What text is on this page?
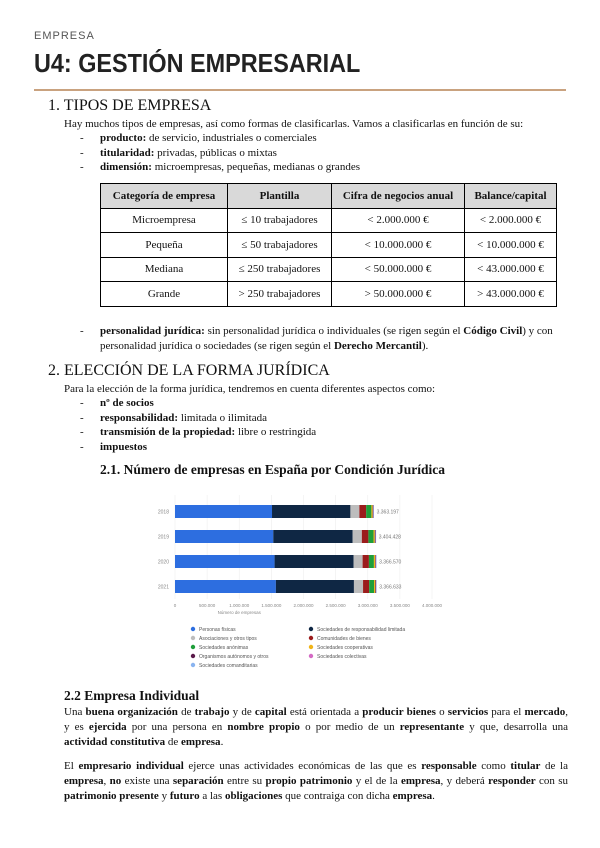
EMPRESA
U4: GESTIÓN EMPRESARIAL
1. TIPOS DE EMPRESA
Hay muchos tipos de empresas, así como formas de clasificarlas. Vamos a clasificarlas en función de su:
- producto: de servicio, industriales o comerciales
- titularidad: privadas, públicas o mixtas
- dimensión: microempresas, pequeñas, medianas o grandes
Categoría de empresa	Plantilla	Cifra de negocios anual	Balance/capital
Microempresa	≤ 10 trabajadores	< 2.000.000 €	< 2.000.000 €
Pequeña	≤ 50 trabajadores	< 10.000.000 €	< 10.000.000 €
Mediana	≤ 250 trabajadores	< 50.000.000 €	< 43.000.000 €
Grande	> 250 trabajadores	> 50.000.000 €	> 43.000.000 €
- personalidad jurídica: sin personalidad jurídica o individuales (se rigen según el Código Civil) y con personalidad jurídica o sociedades (se rigen según el Derecho Mercantil).
2. ELECCIÓN DE LA FORMA JURÍDICA
Para la elección de la forma jurídica, tendremos en cuenta diferentes aspectos como:
- nº de socios
- responsabilidad: limitada o ilimitada
- transmisión de la propiedad: libre o restringida
- impuestos
2.1. Número de empresas en España por Condición Jurídica
0	500.000	1.000.000	1.500.000	2.000.000	2.500.000	3.000.000	3.500.000	4.000.000
Número de empresas
2018	3.363.197
2019	3.404.428
2020	3.366.570
2021	3.366.633
Personas físicas	Sociedades de responsabilidad limitada
Asociaciones y otros tipos	Comunidades de bienes
Sociedades anónimas	Sociedades cooperativas
Organismos autónomos y otros	Sociedades colectivas
Sociedades comanditarias
2.2 Empresa Individual
Una buena organización de trabajo y de capital está orientada a producir bienes o servicios para el mercado, y es ejercida por una persona en nombre propio o por medio de un representante y que, desarrolla una actividad constitutiva de empresa.
El empresario individual ejerce unas actividades económicas de las que es responsable como titular de la empresa, no existe una separación entre su propio patrimonio y el de la empresa, y deberá responder con su patrimonio presente y futuro a las obligaciones que contraiga con dicha empresa.
